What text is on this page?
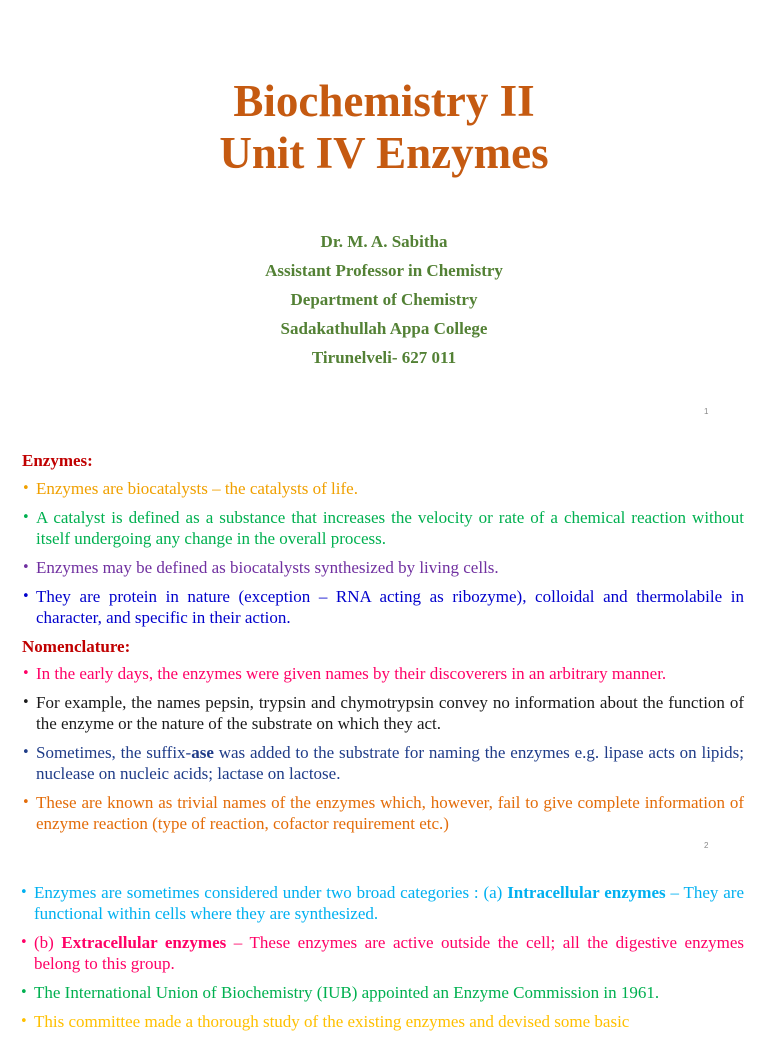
Biochemistry II
Unit IV Enzymes
Dr. M. A. Sabitha
Assistant Professor in Chemistry
Department of Chemistry
Sadakathullah Appa College
Tirunelveli- 627 011
1
Enzymes:
• Enzymes are biocatalysts – the catalysts of life.
• A catalyst is defined as a substance that increases the velocity or rate of a chemical reaction without itself undergoing any change in the overall process.
• Enzymes may be defined as biocatalysts synthesized by living cells.
• They are protein in nature (exception – RNA acting as ribozyme), colloidal and thermolabile in character, and specific in their action.
Nomenclature:
• In the early days, the enzymes were given names by their discoverers in an arbitrary manner.
• For example, the names pepsin, trypsin and chymotrypsin convey no information about the function of the enzyme or the nature of the substrate on which they act.
• Sometimes, the suffix-ase was added to the substrate for naming the enzymes e.g. lipase acts on lipids; nuclease on nucleic acids; lactase on lactose.
• These are known as trivial names of the enzymes which, however, fail to give complete information of enzyme reaction (type of reaction, cofactor requirement etc.)
2
• Enzymes are sometimes considered under two broad categories : (a) Intracellular enzymes – They are functional within cells where they are synthesized.
• (b) Extracellular enzymes – These enzymes are active outside the cell; all the digestive enzymes belong to this group.
• The International Union of Biochemistry (IUB) appointed an Enzyme Commission in 1961.
• This committee made a thorough study of the existing enzymes and devised some basic
